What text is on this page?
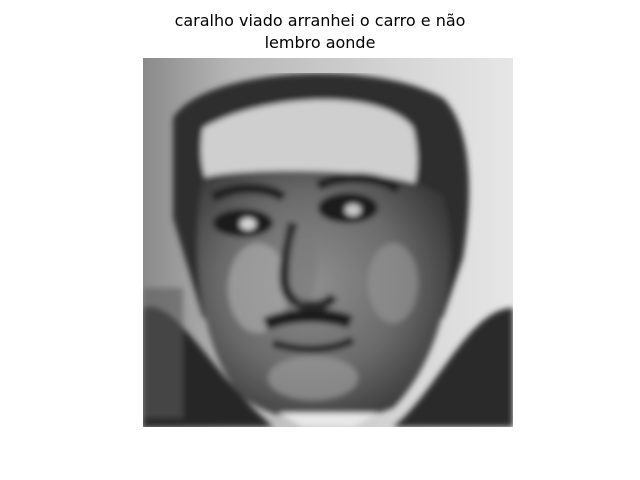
caralho viado arranhei o carro e não
lembro aonde
